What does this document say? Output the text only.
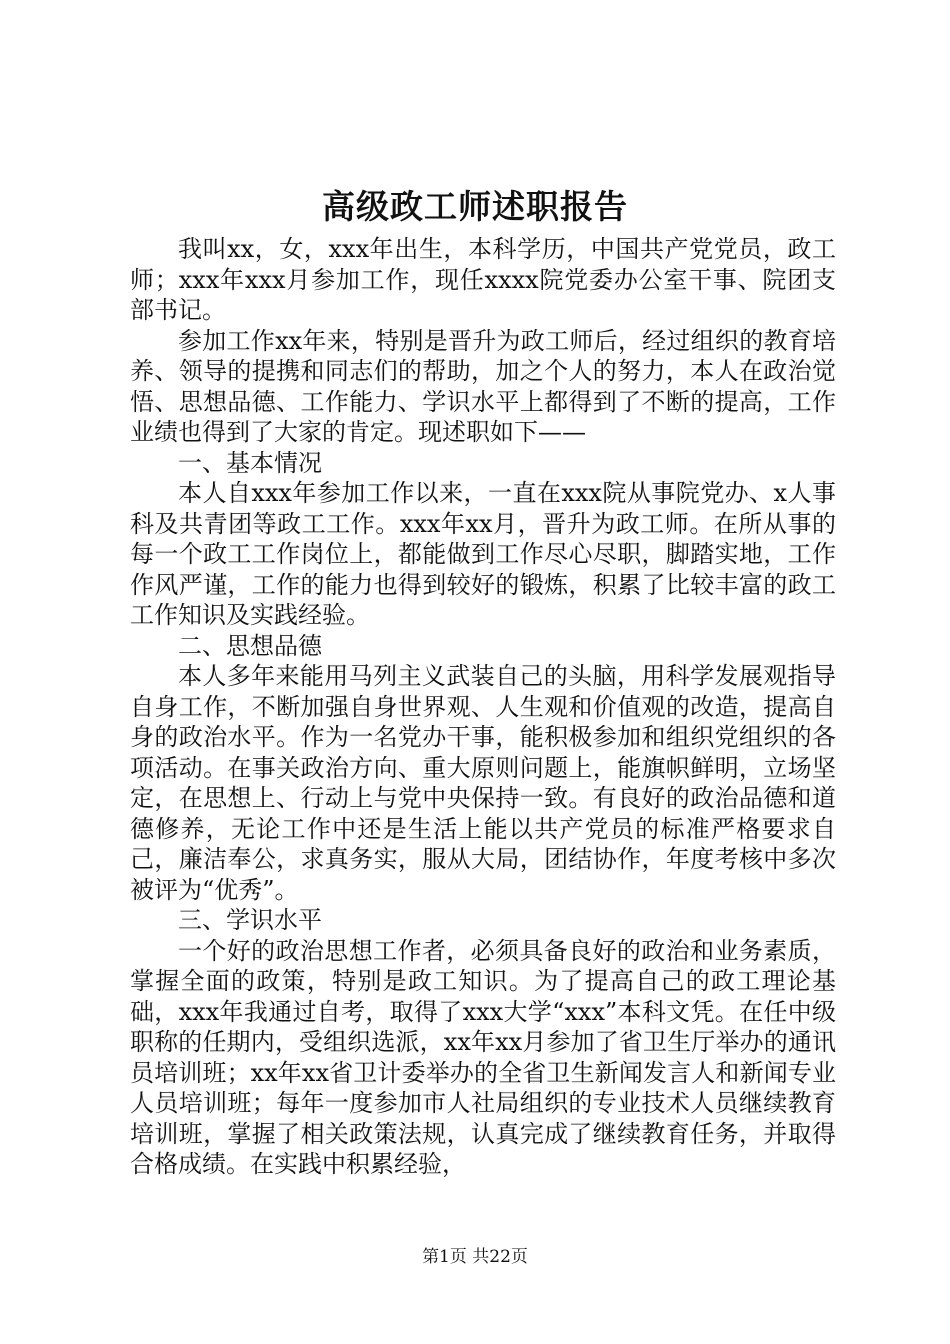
高级政工师述职报告

我叫xx，女，xxx年出生，本科学历，中国共产党党员，政工师；xxx年xxx月参加工作，现任xxxx院党委办公室干事、院团支部书记。

参加工作xx年来，特别是晋升为政工师后，经过组织的教育培养、领导的提携和同志们的帮助，加之个人的努力，本人在政治觉悟、思想品德、工作能力、学识水平上都得到了不断的提高，工作业绩也得到了大家的肯定。现述职如下——

一、基本情况

本人自xxx年参加工作以来，一直在xxx院从事院党办、x人事科及共青团等政工工作。xxx年xx月，晋升为政工师。在所从事的每一个政工工作岗位上，都能做到工作尽心尽职，脚踏实地，工作作风严谨，工作的能力也得到较好的锻炼，积累了比较丰富的政工工作知识及实践经验。

二、思想品德

本人多年来能用马列主义武装自己的头脑，用科学发展观指导自身工作，不断加强自身世界观、人生观和价值观的改造，提高自身的政治水平。作为一名党办干事，能积极参加和组织党组织的各项活动。在事关政治方向、重大原则问题上，能旗帜鲜明，立场坚定，在思想上、行动上与党中央保持一致。有良好的政治品德和道德修养，无论工作中还是生活上能以共产党员的标准严格要求自己，廉洁奉公，求真务实，服从大局，团结协作，年度考核中多次被评为“优秀”。

三、学识水平

一个好的政治思想工作者，必须具备良好的政治和业务素质，掌握全面的政策，特别是政工知识。为了提高自己的政工理论基础，xxx年我通过自考，取得了xxx大学“xxx”本科文凭。在任中级职称的任期内，受组织选派，xx年xx月参加了省卫生厅举办的通讯员培训班；xx年xx省卫计委举办的全省卫生新闻发言人和新闻专业人员培训班；每年一度参加市人社局组织的专业技术人员继续教育培训班，掌握了相关政策法规，认真完成了继续教育任务，并取得合格成绩。在实践中积累经验，

第1页 共22页
